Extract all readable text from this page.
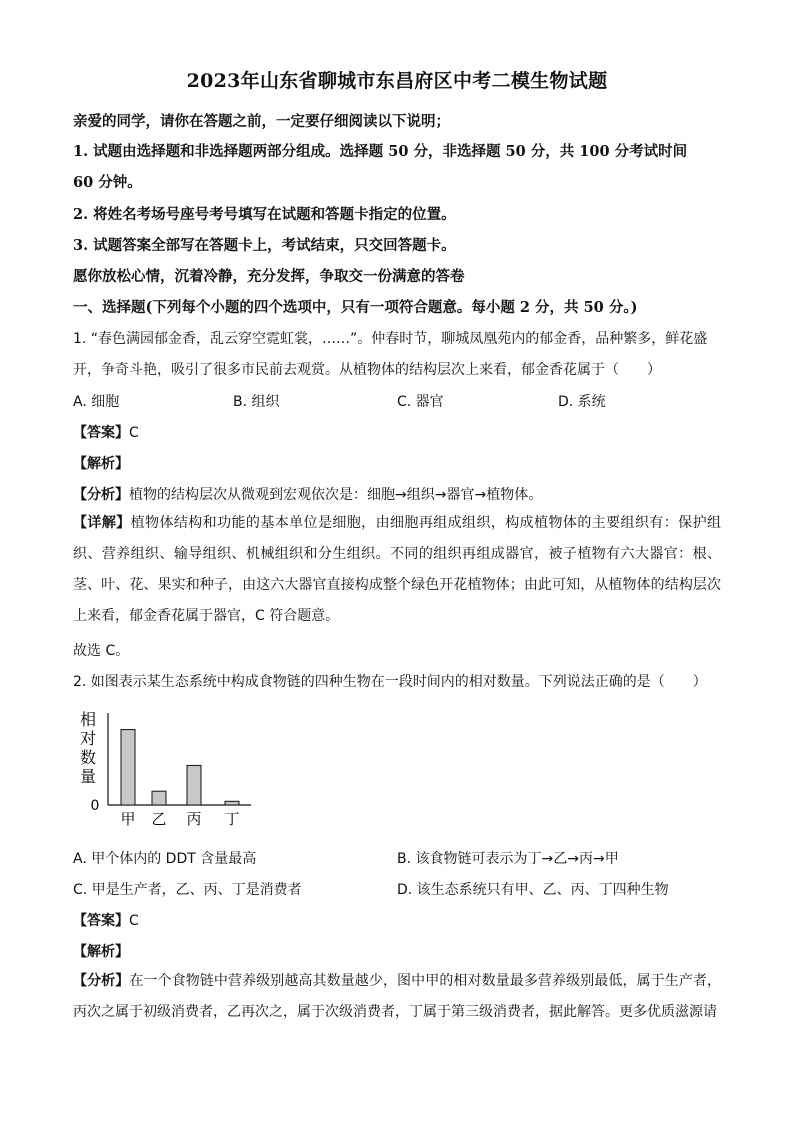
2023年山东省聊城市东昌府区中考二模生物试题
亲爱的同学，请你在答题之前，一定要仔细阅读以下说明；
1. 试题由选择题和非选择题两部分组成。选择题 50 分，非选择题 50 分，共 100 分考试时间
60 分钟。
2. 将姓名考场号座号考号填写在试题和答题卡指定的位置。
3. 试题答案全部写在答题卡上，考试结束，只交回答题卡。
愿你放松心情，沉着冷静，充分发挥，争取交一份满意的答卷
一、选择题(下列每个小题的四个选项中，只有一项符合题意。每小题 2 分，共 50 分。)
1. “春色满园郁金香，乱云穿空霓虹裳，……”。仲春时节，聊城凤凰苑内的郁金香，品种繁多，鲜花盛
开，争奇斗艳，吸引了很多市民前去观赏。从植物体的结构层次上来看，郁金香花属于（　　）
A. 细胞	B. 组织	C. 器官	D. 系统
【答案】C
【解析】
【分析】植物的结构层次从微观到宏观依次是：细胞→组织→器官→植物体。
【详解】植物体结构和功能的基本单位是细胞，由细胞再组成组织，构成植物体的主要组织有：保护组织、营养组织、输导组织、机械组织和分生组织。不同的组织再组成器官，被子植物有六大器官：根、茎、叶、花、果实和种子，由这六大器官直接构成整个绿色开花植物体；由此可知，从植物体的结构层次上来看，郁金香花属于器官，C 符合题意。
故选 C。
2. 如图表示某生态系统中构成食物链的四种生物在一段时间内的相对数量。下列说法正确的是（　　）
相
对
数
量
0
甲 乙 丙 丁
A. 甲个体内的 DDT 含量最高	B. 该食物链可表示为丁→乙→丙→甲
C. 甲是生产者，乙、丙、丁是消费者	D. 该生态系统只有甲、乙、丙、丁四种生物
【答案】C
【解析】
【分析】在一个食物链中营养级别越高其数量越少，图中甲的相对数量最多营养级别最低，属于生产者，丙次之属于初级消费者，乙再次之，属于次级消费者，丁属于第三级消费者，据此解答。更多优质滋源请
